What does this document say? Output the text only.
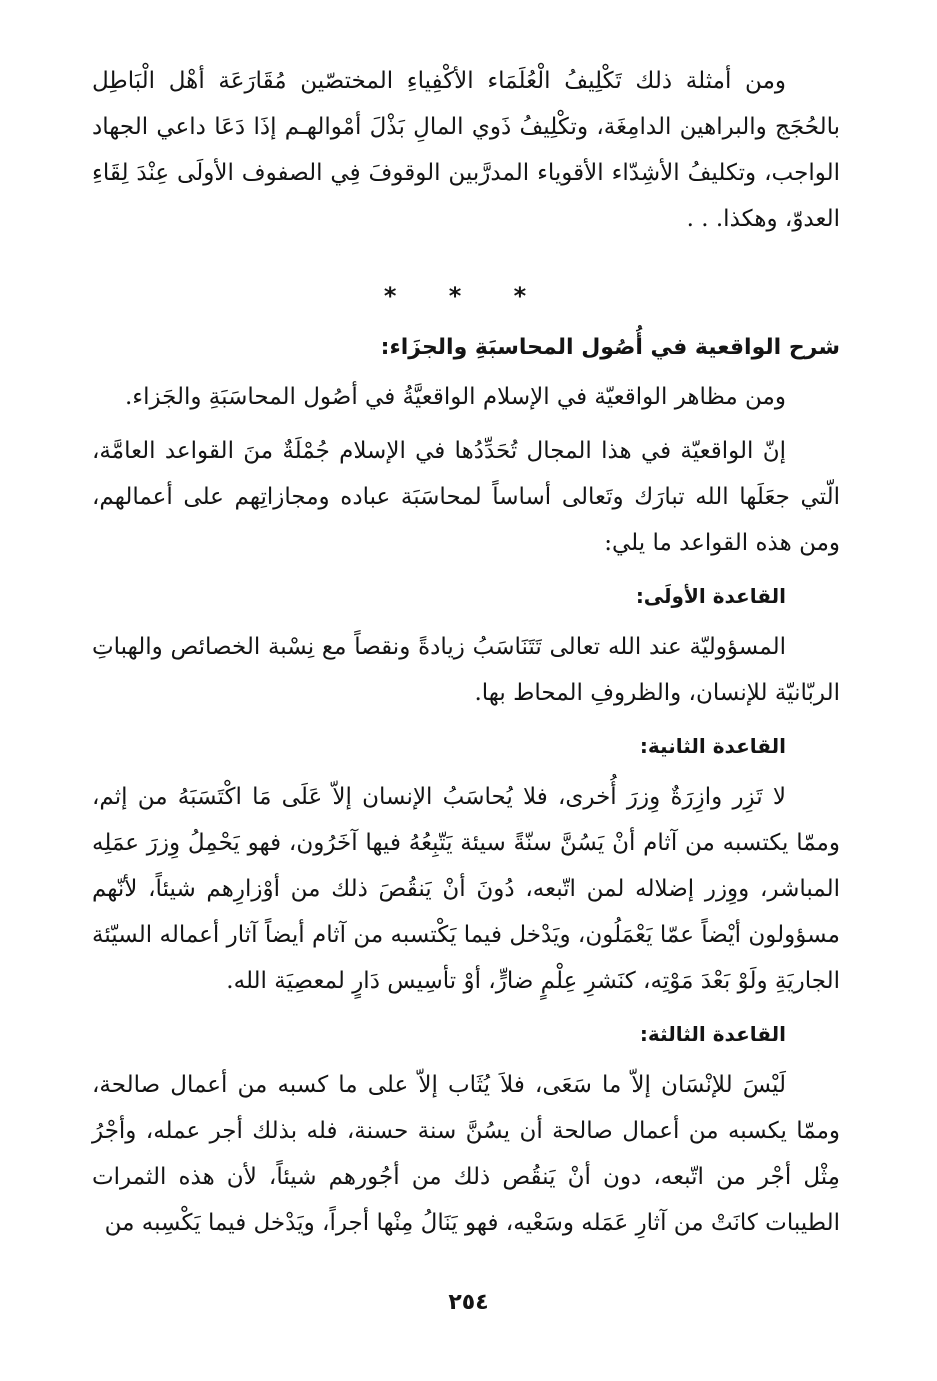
ومن أمثلة ذلك تَكْلِيفُ الْعُلَمَاء الأكْفِياءِ المختصّين مُقَارَعَة أهْل الْبَاطِل بالحُجَج والبراهين الدامِغَة، وتكْلِيفُ ذَوي المالِ بَذْلَ أمْوالهـم إذَا دَعَا داعي الجهاد الواجب، وتكليفُ الأشِدّاء الأقوياء المدرَّبين الوقوفَ فِي الصفوف الأولَى عِنْدَ لِقَاءِ العدوّ، وهكذا. . .

* * *
شرح الواقعية في أُصُول المحاسبَةِ والجزَاء:

ومن مظاهر الواقعيّة في الإسلام الواقعيَّةُ في أصُول المحاسَبَةِ والجَزاء.

إنّ الواقعيّة في هذا المجال تُحَدِّدُها في الإسلام جُمْلَةٌ منَ القواعد العامَّة، الّتي جعَلَها الله تبارَك وتَعالى أساساً لمحاسَبَة عباده ومجازاتِهم على أعمالهم، ومن هذه القواعد ما يلي:

القاعدة الأولَى:

المسؤوليّة عند الله تعالى تَتَنَاسَبُ زيادةً ونقصاً مع نِسْبة الخصائص والهباتِ الربّانيّة للإنسان، والظروفِ المحاط بها.

القاعدة الثانية:

لا تَزِر وازِرَةٌ وِزرَ أُخرى، فلا يُحاسَبُ الإنسان إلاّ عَلَى مَا اكْتَسَبَهُ من إثم، وممّا يكتسبه من آثام أنْ يَسُنَّ سنّةً سيئة يَتّبِعُهُ فيها آخَرُون، فهو يَحْمِلُ وِزرَ عمَلِه المباشر، ووِزر إضلاله لمن اتّبعه، دُونَ أنْ يَنقُصَ ذلك من أوْزارِهم شيئاً، لأنّهم مسؤولون أيْضاً عمّا يَعْمَلُون، ويَدْخل فيما يَكْتسبه من آثام أيضاً آثار أعماله السيّئة الجاريَةِ ولَوْ بَعْدَ مَوْتِه، كنَشرِ عِلْمٍ ضارٍّ، أوْ تأسِيس دَارٍ لمعصِيَة الله.

القاعدة الثالثة:

لَيْسَ للإنْسَان إلاّ ما سَعَى، فلاَ يُثَاب إلاّ على ما كسبه من أعمال صالحة، وممّا يكسبه من أعمال صالحة أن يسُنَّ سنة حسنة، فله بذلك أجر عمله، وأجْرُ مِثْل أجْر من اتّبعه، دون أنْ يَنقُص ذلك من أجُورهم شيئاً، لأن هذه الثمرات الطيبات كانَتْ من آثارِ عَمَله وسَعْيه، فهو يَنَالُ مِنْها أجراً، ويَدْخل فيما يَكْسِبه من

٢٥٤
